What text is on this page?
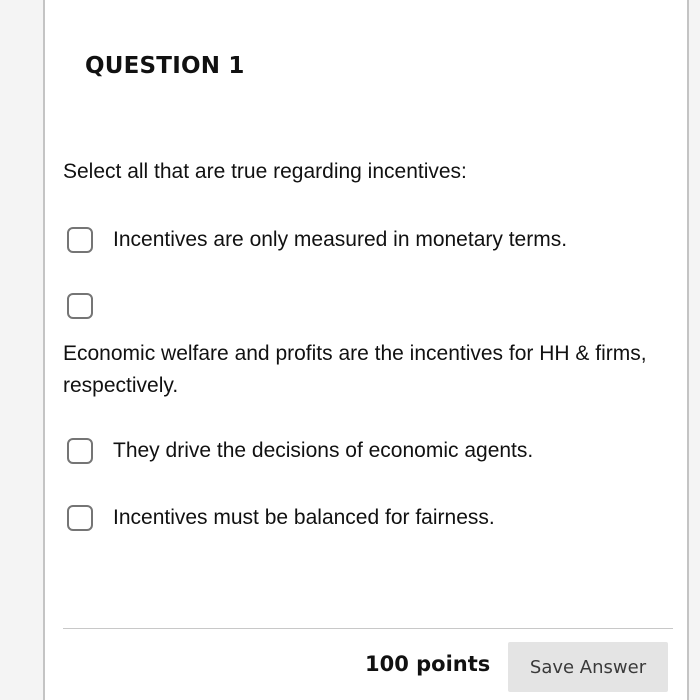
QUESTION 1

Select all that are true regarding incentives:

Incentives are only measured in monetary terms.
Economic welfare and profits are the incentives for HH & firms, respectively.
They drive the decisions of economic agents.
Incentives must be balanced for fairness.
100 points	Save Answer
